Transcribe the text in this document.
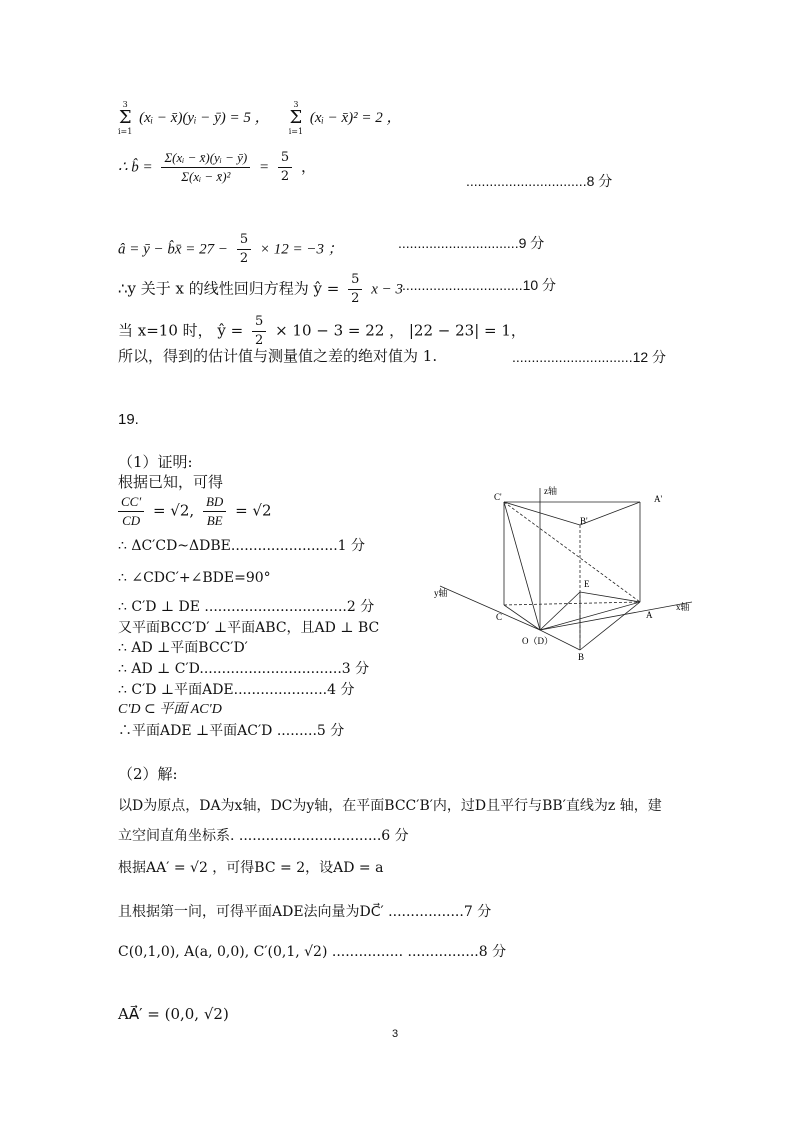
3
Σ
i=1
(xᵢ − x̄)(yᵢ − ȳ) = 5 ，
3
Σ
i=1
(xᵢ − x̄)² = 2 ，
∴ b̂ = $\frac{\text{Σ(xᵢ − x̄)(yᵢ − ȳ)}}{\text{Σ(xᵢ − x̄)²}} = \frac{5}{2}$ ，
...............................8 分
â = ȳ − b̂x̄ = $27 - \frac{5}{2} \times 12 = -3$ ；	...............................9 分
∴y 关于 x 的线性回归方程为 ŷ = $\frac{5}{2}$ x − 3 ...............................10 分
当 x=10 时， ŷ = $\frac{5}{2} \times 10 - 3 = 22$ ， |22 − 23| = 1，
所以，得到的估计值与测量值之差的绝对值为 1.	...............................12 分
19.
（1）证明:
根据已知，可得
$\frac{CC'}{CD} = √2$, $\frac{BD}{BE} = √2$
∴ ΔC′CD~ΔDBE........................1 分
∴ ∠CDC′+∠BDE=90°
∴ C′D ⊥ DE ................................2 分
又平面BCC′D′ ⊥平面ABC，且AD ⊥ BC
∴ AD ⊥平面BCC′D′
∴ AD ⊥ C′D................................3 分
∴ C′D ⊥平面ADE.....................4 分
C′D ⊂ 平面 AC′D
∴平面ADE ⊥平面AC′D .........5 分
C'	A'
B'
z轴
y轴
x轴
E
C	A
O（D）
B
（2）解:
以D为原点，DA为x轴，DC为y轴，在平面BCC′B′内，过D且平行与BB′直线为z 轴，建
立空间直角坐标系. ................................6 分
根据AA′ = √2 ，可得BC = 2，设AD = a
且根据第一问，可得平面ADE法向量为DC⃗′ .................7 分
C(0,1,0), A(a, 0,0), C′(0,1, √2) ................ ................8 分
AA⃗′ = (0,0, √2)
3
